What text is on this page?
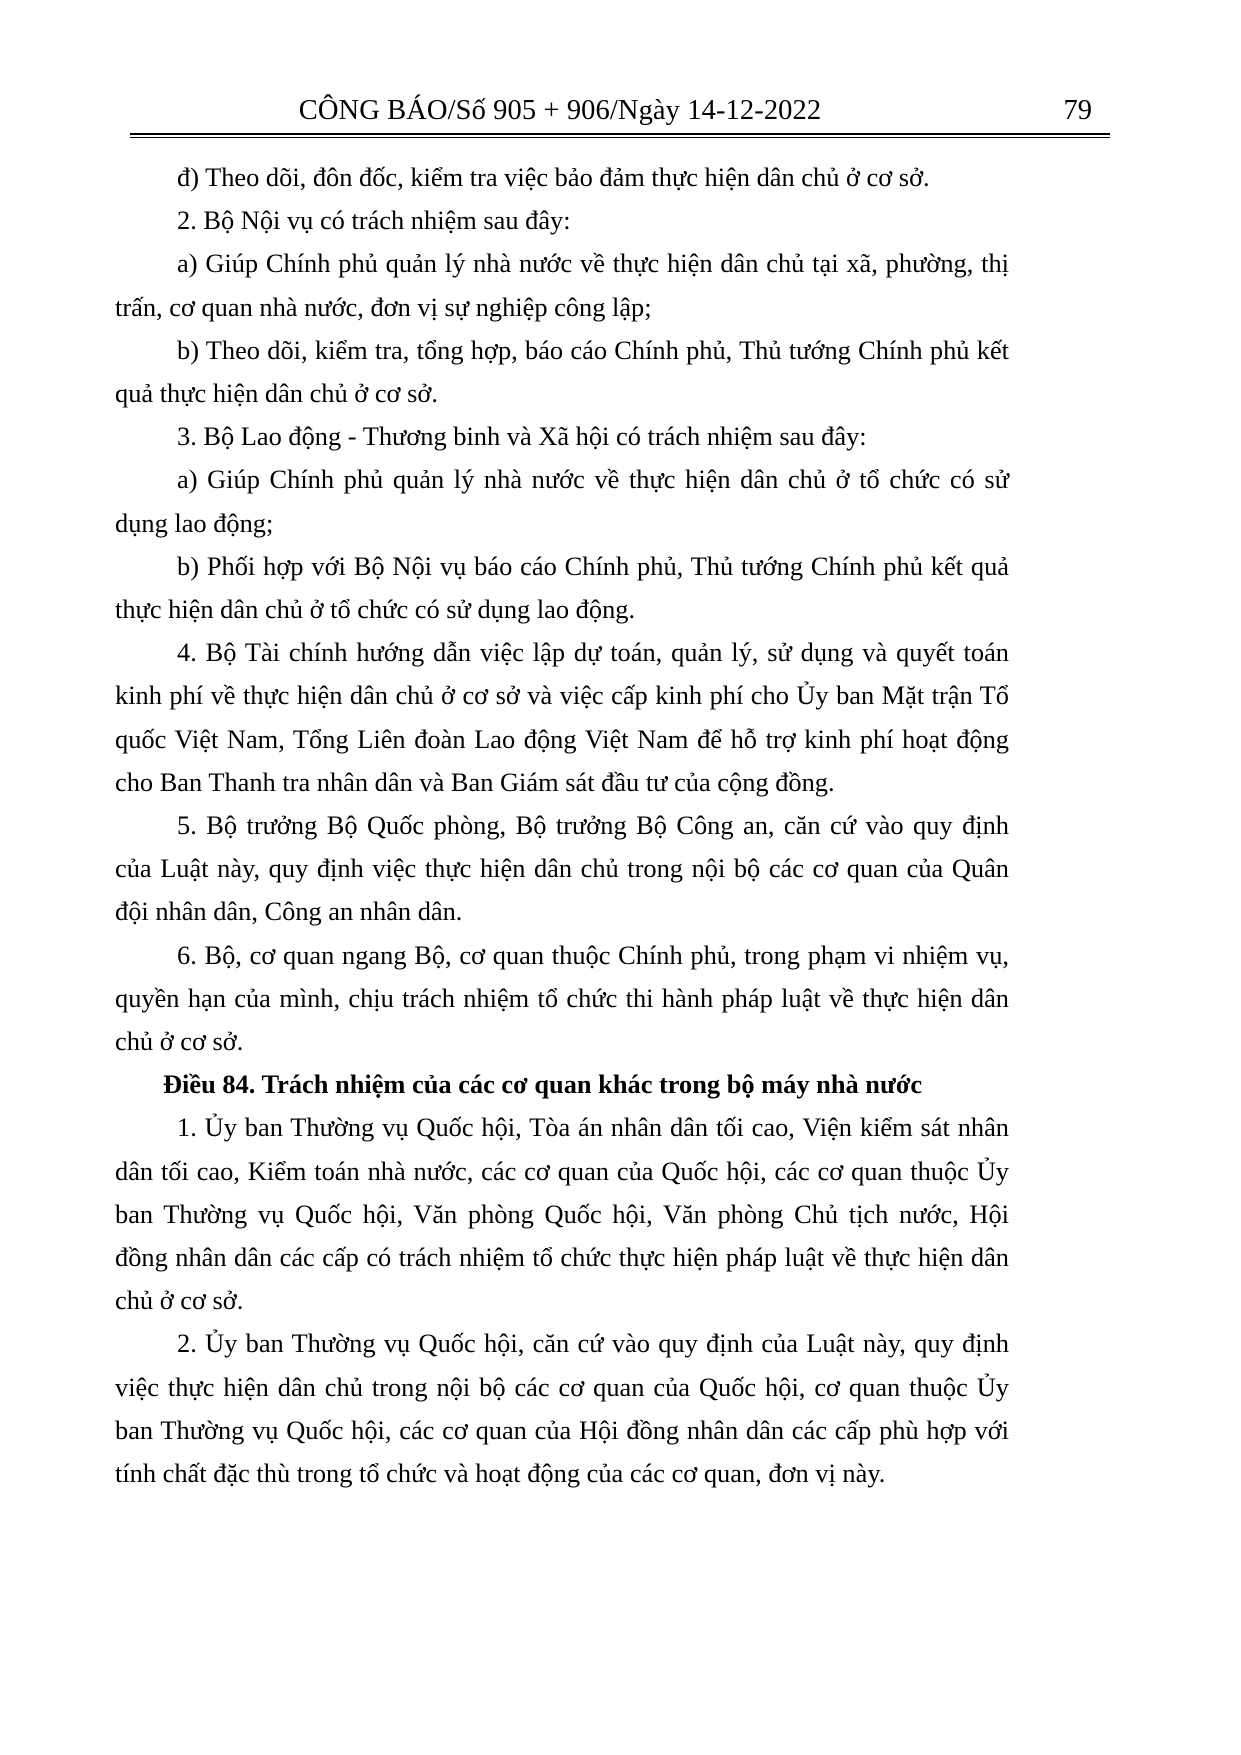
CÔNG BÁO/Số 905 + 906/Ngày 14-12-2022	79

đ) Theo dõi, đôn đốc, kiểm tra việc bảo đảm thực hiện dân chủ ở cơ sở.

2. Bộ Nội vụ có trách nhiệm sau đây:

a) Giúp Chính phủ quản lý nhà nước về thực hiện dân chủ tại xã, phường, thị trấn, cơ quan nhà nước, đơn vị sự nghiệp công lập;

b) Theo dõi, kiểm tra, tổng hợp, báo cáo Chính phủ, Thủ tướng Chính phủ kết quả thực hiện dân chủ ở cơ sở.

3. Bộ Lao động - Thương binh và Xã hội có trách nhiệm sau đây:

a) Giúp Chính phủ quản lý nhà nước về thực hiện dân chủ ở tổ chức có sử dụng lao động;

b) Phối hợp với Bộ Nội vụ báo cáo Chính phủ, Thủ tướng Chính phủ kết quả thực hiện dân chủ ở tổ chức có sử dụng lao động.

4. Bộ Tài chính hướng dẫn việc lập dự toán, quản lý, sử dụng và quyết toán kinh phí về thực hiện dân chủ ở cơ sở và việc cấp kinh phí cho Ủy ban Mặt trận Tổ quốc Việt Nam, Tổng Liên đoàn Lao động Việt Nam để hỗ trợ kinh phí hoạt động cho Ban Thanh tra nhân dân và Ban Giám sát đầu tư của cộng đồng.

5. Bộ trưởng Bộ Quốc phòng, Bộ trưởng Bộ Công an, căn cứ vào quy định của Luật này, quy định việc thực hiện dân chủ trong nội bộ các cơ quan của Quân đội nhân dân, Công an nhân dân.

6. Bộ, cơ quan ngang Bộ, cơ quan thuộc Chính phủ, trong phạm vi nhiệm vụ, quyền hạn của mình, chịu trách nhiệm tổ chức thi hành pháp luật về thực hiện dân chủ ở cơ sở.

Điều 84. Trách nhiệm của các cơ quan khác trong bộ máy nhà nước

1. Ủy ban Thường vụ Quốc hội, Tòa án nhân dân tối cao, Viện kiểm sát nhân dân tối cao, Kiểm toán nhà nước, các cơ quan của Quốc hội, các cơ quan thuộc Ủy ban Thường vụ Quốc hội, Văn phòng Quốc hội, Văn phòng Chủ tịch nước, Hội đồng nhân dân các cấp có trách nhiệm tổ chức thực hiện pháp luật về thực hiện dân chủ ở cơ sở.

2. Ủy ban Thường vụ Quốc hội, căn cứ vào quy định của Luật này, quy định việc thực hiện dân chủ trong nội bộ các cơ quan của Quốc hội, cơ quan thuộc Ủy ban Thường vụ Quốc hội, các cơ quan của Hội đồng nhân dân các cấp phù hợp với tính chất đặc thù trong tổ chức và hoạt động của các cơ quan, đơn vị này.
